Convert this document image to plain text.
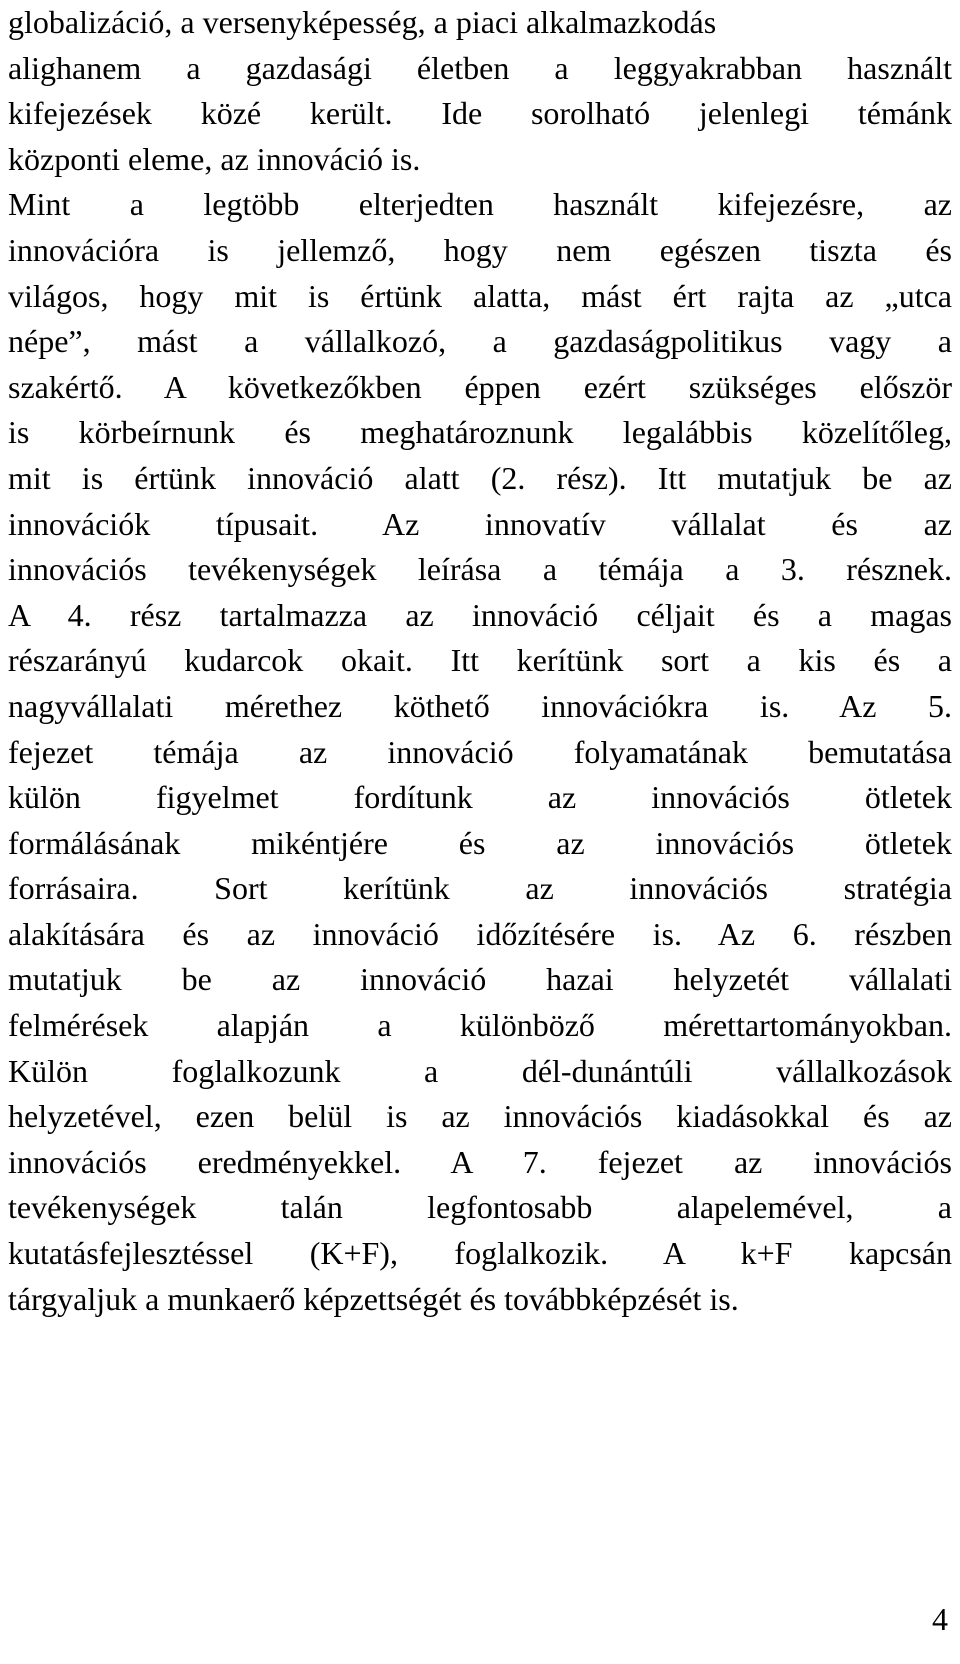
globalizáció, a versenyképesség, a piaci alkalmazkodás
alighanem a gazdasági életben a leggyakrabban használt
kifejezések közé került. Ide sorolható jelenlegi témánk
központi eleme, az innováció is.
Mint a legtöbb elterjedten használt kifejezésre, az
innovációra is jellemző, hogy nem egészen tiszta és
világos, hogy mit is értünk alatta, mást ért rajta az „utca
népe”, mást a vállalkozó, a gazdaságpolitikus vagy a
szakértő. A következőkben éppen ezért szükséges először
is körbeírnunk és meghatároznunk legalábbis közelítőleg,
mit is értünk innováció alatt (2. rész). Itt mutatjuk be az
innovációk típusait. Az innovatív vállalat és az
innovációs tevékenységek leírása a témája a 3. résznek.
A 4. rész tartalmazza az innováció céljait és a magas
részarányú kudarcok okait. Itt kerítünk sort a kis és a
nagyvállalati mérethez köthető innovációkra is. Az 5.
fejezet témája az innováció folyamatának bemutatása
külön figyelmet fordítunk az innovációs ötletek
formálásának mikéntjére és az innovációs ötletek
forrásaira. Sort kerítünk az innovációs stratégia
alakítására és az innováció időzítésére is. Az 6. részben
mutatjuk be az innováció hazai helyzetét vállalati
felmérések alapján a különböző mérettartományokban.
Külön foglalkozunk a dél-dunántúli vállalkozások
helyzetével, ezen belül is az innovációs kiadásokkal és az
innovációs eredményekkel. A 7. fejezet az innovációs
tevékenységek talán legfontosabb alapelemével, a
kutatásfejlesztéssel (K+F), foglalkozik. A k+F kapcsán
tárgyaljuk a munkaerő képzettségét és továbbképzését is.
4
